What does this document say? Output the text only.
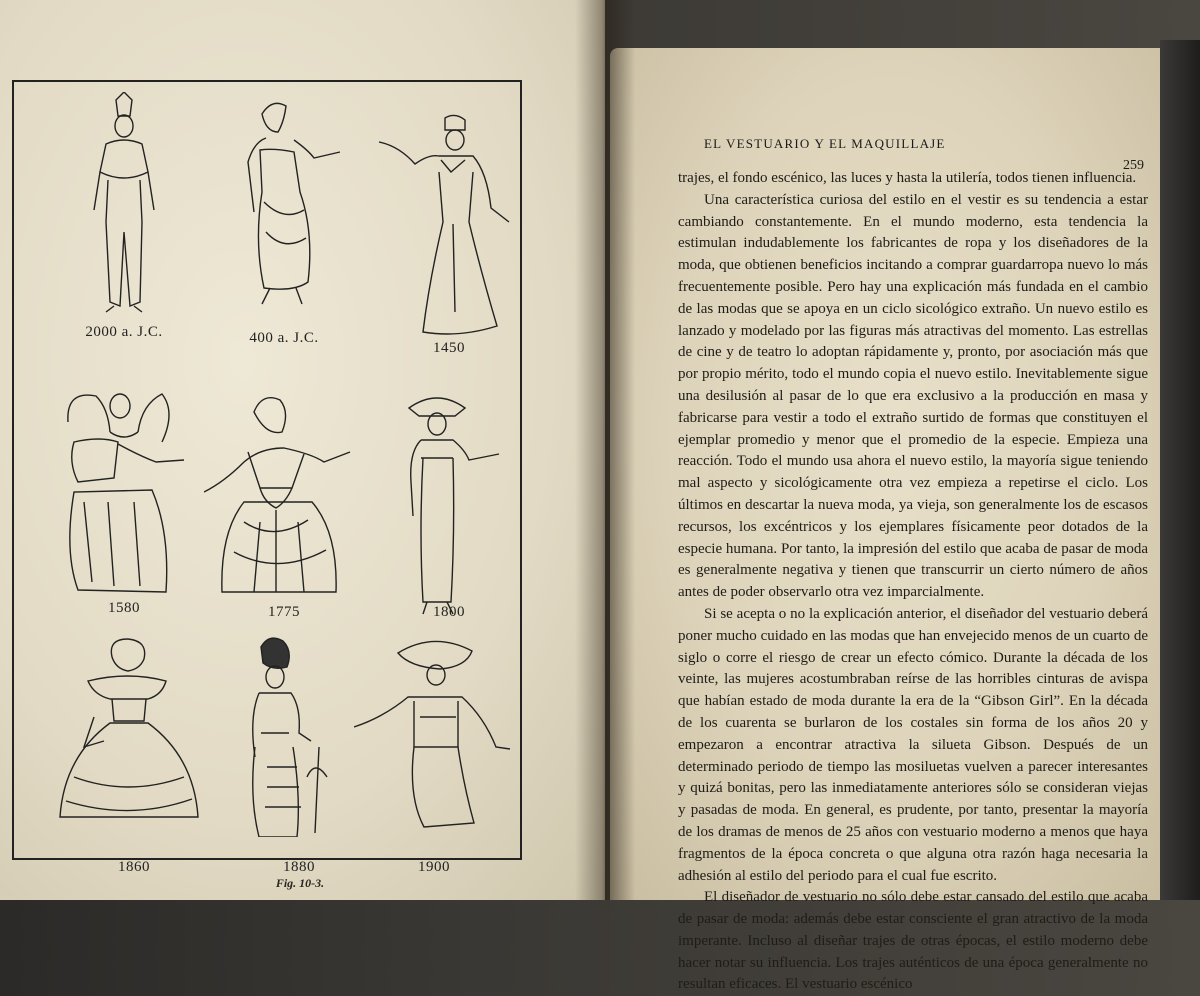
2000 a. J.C.	400 a. J.C.
1450
1580	1775	1800
1860	1880	1900
Fig. 10-3.
EL VESTUARIO Y EL MAQUILLAJE
259

trajes, el fondo escénico, las luces y hasta la utilería, todos tienen influencia.

Una característica curiosa del estilo en el vestir es su tendencia a estar cambiando constantemente. En el mundo moderno, esta tendencia la estimulan indudablemente los fabricantes de ropa y los diseñadores de la moda, que obtienen beneficios incitando a comprar guardarropa nuevo lo más frecuentemente posible. Pero hay una explicación más fundada en el cambio de las modas que se apoya en un ciclo sicológico extraño. Un nuevo estilo es lanzado y modelado por las figuras más atractivas del momento. Las estrellas de cine y de teatro lo adoptan rápidamente y, pronto, por asociación más que por propio mérito, todo el mundo copia el nuevo estilo. Inevitablemente sigue una desilusión al pasar de lo que era exclusivo a la producción en masa y fabricarse para vestir a todo el extraño surtido de formas que constituyen el ejemplar promedio y menor que el promedio de la especie. Empieza una reacción. Todo el mundo usa ahora el nuevo estilo, la mayoría sigue teniendo mal aspecto y sicológicamente otra vez empieza a repetirse el ciclo. Los últimos en descartar la nueva moda, ya vieja, son generalmente los de escasos recursos, los excéntricos y los ejemplares físicamente peor dotados de la especie humana. Por tanto, la impresión del estilo que acaba de pasar de moda es generalmente negativa y tienen que transcurrir un cierto número de años antes de poder observarlo otra vez imparcialmente.

Si se acepta o no la explicación anterior, el diseñador del vestuario deberá poner mucho cuidado en las modas que han envejecido menos de un cuarto de siglo o corre el riesgo de crear un efecto cómico. Durante la década de los veinte, las mujeres acostumbraban reírse de las horribles cinturas de avispa que habían estado de moda durante la era de la “Gibson Girl”. En la década de los cuarenta se burlaron de los costales sin forma de los años 20 y empezaron a encontrar atractiva la silueta Gibson. Después de un determinado periodo de tiempo las mosiluetas vuelven a parecer interesantes y quizá bonitas, pero las inmediatamente anteriores sólo se consideran viejas y pasadas de moda. En general, es prudente, por tanto, presentar la mayoría de los dramas de menos de 25 años con vestuario moderno a menos que haya fragmentos de la época concreta o que alguna otra razón haga necesaria la adhesión al estilo del periodo para el cual fue escrito.

El diseñador de vestuario no sólo debe estar cansado del estilo que acaba de pasar de moda: además debe estar consciente el gran atractivo de la moda imperante. Incluso al diseñar trajes de otras épocas, el estilo moderno debe hacer notar su influencia. Los trajes auténticos de una época generalmente no resultan eficaces. El vestuario escénico
